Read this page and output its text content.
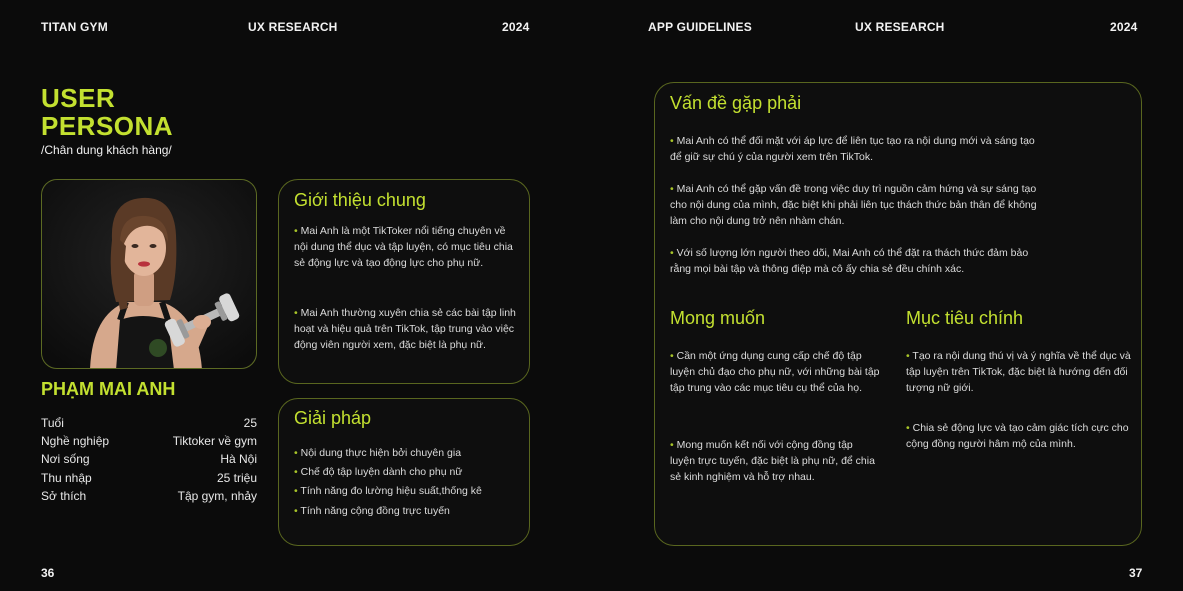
TITAN GYM	UX RESEARCH	2024	APP GUIDELINES	UX RESEARCH	2024
USER
PERSONA
/Chân dung khách hàng/
PHẠM MAI ANH
Tuổi	25
Nghề nghiệp	Tiktoker về gym
Nơi sống	Hà Nội
Thu nhập	25 triệu
Sở thích	Tập gym, nhảy
Giới thiệu chung
• Mai Anh là một TikToker nổi tiếng chuyên về nội dung thể dục và tập luyện, có mục tiêu chia sẻ động lực và tạo động lực cho phụ nữ.
• Mai Anh thường xuyên chia sẻ các bài tập linh hoạt và hiệu quả trên TikTok, tập trung vào việc động viên người xem, đặc biệt là phụ nữ.
Giải pháp
• Nội dung thực hiện bởi chuyên gia
• Chế độ tập luyện dành cho phụ nữ
• Tính năng đo lường hiệu suất,thống kê
• Tính năng cộng đồng trực tuyến
Vấn đề gặp phải
• Mai Anh có thể đối mặt với áp lực để liên tục tạo ra nội dung mới và sáng tạo để giữ sự chú ý của người xem trên TikTok.
• Mai Anh có thể gặp vấn đề trong việc duy trì nguồn cảm hứng và sự sáng tạo cho nội dung của mình, đặc biệt khi phải liên tục thách thức bản thân để không làm cho nội dung trở nên nhàm chán.
• Với số lượng lớn người theo dõi, Mai Anh có thể đặt ra thách thức đảm bảo rằng mọi bài tập và thông điệp mà cô ấy chia sẻ đều chính xác.
Mong muốn
• Cần một ứng dụng cung cấp chế độ tập luyện chủ đạo cho phụ nữ, với những bài tập tập trung vào các mục tiêu cụ thể của họ.
• Mong muốn kết nối với cộng đồng tập luyện trực tuyến, đặc biệt là phụ nữ, để chia sẻ kinh nghiệm và hỗ trợ nhau.
Mục tiêu chính
• Tạo ra nội dung thú vị và ý nghĩa về thể dục và tập luyện trên TikTok, đặc biệt là hướng đến đối tượng nữ giới.
• Chia sẻ động lực và tạo cảm giác tích cực cho cộng đồng người hâm mộ của mình.
36	37
